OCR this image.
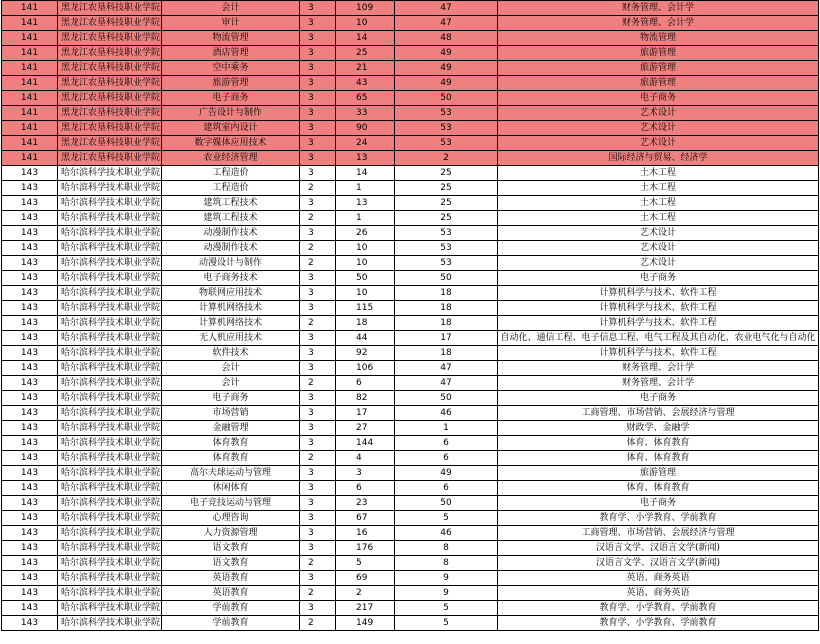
141	黑龙江农垦科技职业学院	会计	3	109	47	财务管理、会计学
141	黑龙江农垦科技职业学院	审计	3	10	47	财务管理、会计学
141	黑龙江农垦科技职业学院	物流管理	3	14	48	物流管理
141	黑龙江农垦科技职业学院	酒店管理	3	25	49	旅游管理
141	黑龙江农垦科技职业学院	空中乘务	3	21	49	旅游管理
141	黑龙江农垦科技职业学院	旅游管理	3	43	49	旅游管理
141	黑龙江农垦科技职业学院	电子商务	3	65	50	电子商务
141	黑龙江农垦科技职业学院	广告设计与制作	3	33	53	艺术设计
141	黑龙江农垦科技职业学院	建筑室内设计	3	90	53	艺术设计
141	黑龙江农垦科技职业学院	数字媒体应用技术	3	24	53	艺术设计
141	黑龙江农垦科技职业学院	农业经济管理	3	13	2	国际经济与贸易、经济学
143	哈尔滨科学技术职业学院	工程造价	3	14	25	土木工程
143	哈尔滨科学技术职业学院	工程造价	2	1	25	土木工程
143	哈尔滨科学技术职业学院	建筑工程技术	3	13	25	土木工程
143	哈尔滨科学技术职业学院	建筑工程技术	2	1	25	土木工程
143	哈尔滨科学技术职业学院	动漫制作技术	3	26	53	艺术设计
143	哈尔滨科学技术职业学院	动漫制作技术	2	10	53	艺术设计
143	哈尔滨科学技术职业学院	动漫设计与制作	2	10	53	艺术设计
143	哈尔滨科学技术职业学院	电子商务技术	3	50	50	电子商务
143	哈尔滨科学技术职业学院	物联网应用技术	3	10	18	计算机科学与技术、软件工程
143	哈尔滨科学技术职业学院	计算机网络技术	3	115	18	计算机科学与技术、软件工程
143	哈尔滨科学技术职业学院	计算机网络技术	2	18	18	计算机科学与技术、软件工程
143	哈尔滨科学技术职业学院	无人机应用技术	3	44	17	自动化、通信工程、电子信息工程、电气工程及其自动化、农业电气化与自动化
143	哈尔滨科学技术职业学院	软件技术	3	92	18	计算机科学与技术、软件工程
143	哈尔滨科学技术职业学院	会计	3	106	47	财务管理、会计学
143	哈尔滨科学技术职业学院	会计	2	6	47	财务管理、会计学
143	哈尔滨科学技术职业学院	电子商务	3	82	50	电子商务
143	哈尔滨科学技术职业学院	市场营销	3	17	46	工商管理、市场营销、会展经济与管理
143	哈尔滨科学技术职业学院	金融管理	3	27	1	财政学、金融学
143	哈尔滨科学技术职业学院	体育教育	3	144	6	体育、体育教育
143	哈尔滨科学技术职业学院	体育教育	2	4	6	体育、体育教育
143	哈尔滨科学技术职业学院	高尔夫球运动与管理	3	3	49	旅游管理
143	哈尔滨科学技术职业学院	休闲体育	3	6	6	体育、体育教育
143	哈尔滨科学技术职业学院	电子竞技运动与管理	3	23	50	电子商务
143	哈尔滨科学技术职业学院	心理咨询	3	67	5	教育学、小学教育、学前教育
143	哈尔滨科学技术职业学院	人力资源管理	3	16	46	工商管理、市场营销、会展经济与管理
143	哈尔滨科学技术职业学院	语文教育	3	176	8	汉语言文学、汉语言文学(新闻)
143	哈尔滨科学技术职业学院	语文教育	2	5	8	汉语言文学、汉语言文学(新闻)
143	哈尔滨科学技术职业学院	英语教育	3	69	9	英语、商务英语
143	哈尔滨科学技术职业学院	英语教育	2	2	9	英语、商务英语
143	哈尔滨科学技术职业学院	学前教育	3	217	5	教育学、小学教育、学前教育
143	哈尔滨科学技术职业学院	学前教育	2	149	5	教育学、小学教育、学前教育
